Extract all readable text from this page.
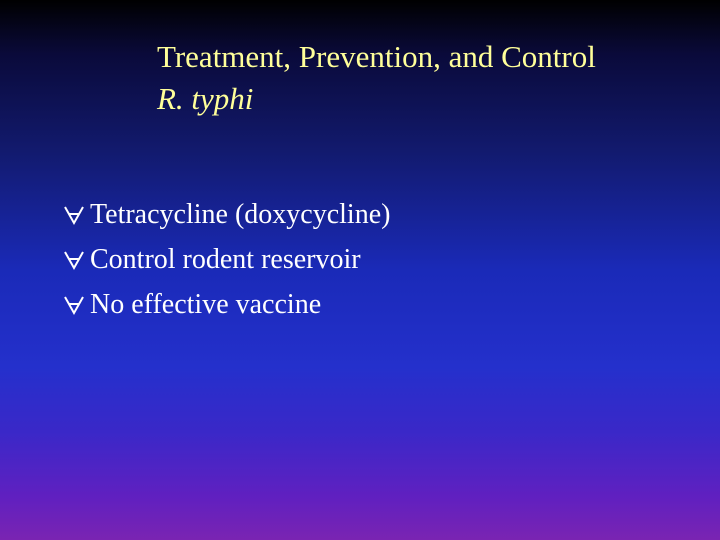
Treatment, Prevention, and Control
R. typhi
Tetracycline (doxycycline)
Control rodent reservoir
No effective vaccine
